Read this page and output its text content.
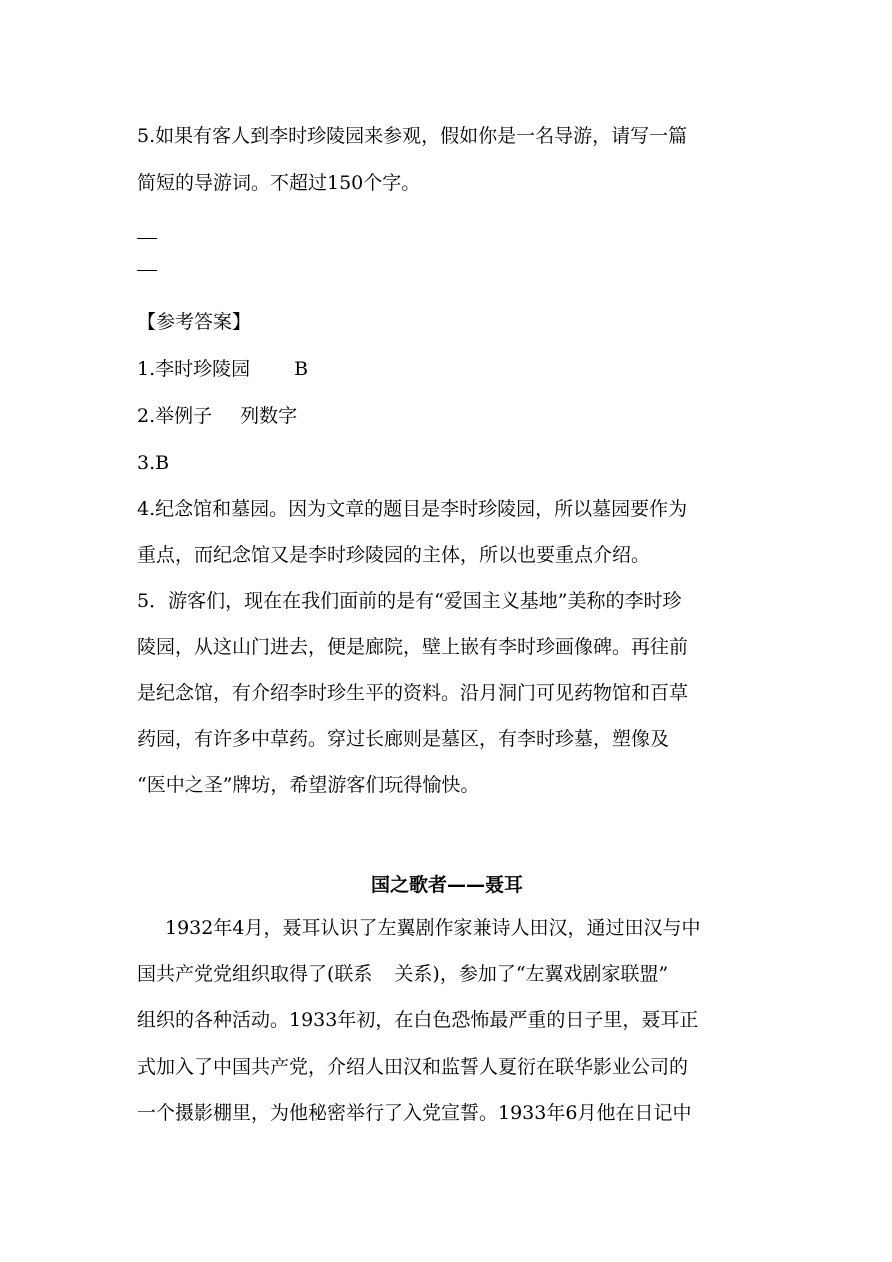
5.如果有客人到李时珍陵园来参观，假如你是一名导游，请写一篇
简短的导游词。不超过150个字。
【参考答案】
1.李时珍陵园 B
2.举例子 列数字
3.B
4.纪念馆和墓园。因为文章的题目是李时珍陵园，所以墓园要作为
重点，而纪念馆又是李时珍陵园的主体，所以也要重点介绍。
5．游客们，现在在我们面前的是有“爱国主义基地”美称的李时珍
陵园，从这山门进去，便是廊院，壁上嵌有李时珍画像碑。再往前
是纪念馆，有介绍李时珍生平的资料。沿月洞门可见药物馆和百草
药园，有许多中草药。穿过长廊则是墓区，有李时珍墓，塑像及
“医中之圣”牌坊，希望游客们玩得愉快。
国之歌者——聂耳
1932年4月，聂耳认识了左翼剧作家兼诗人田汉，通过田汉与中
国共产党党组织取得了(联系 关系)，参加了“左翼戏剧家联盟”
组织的各种活动。1933年初，在白色恐怖最严重的日子里，聂耳正
式加入了中国共产党，介绍人田汉和监誓人夏衍在联华影业公司的
一个摄影棚里，为他秘密举行了入党宣誓。1933年6月他在日记中
